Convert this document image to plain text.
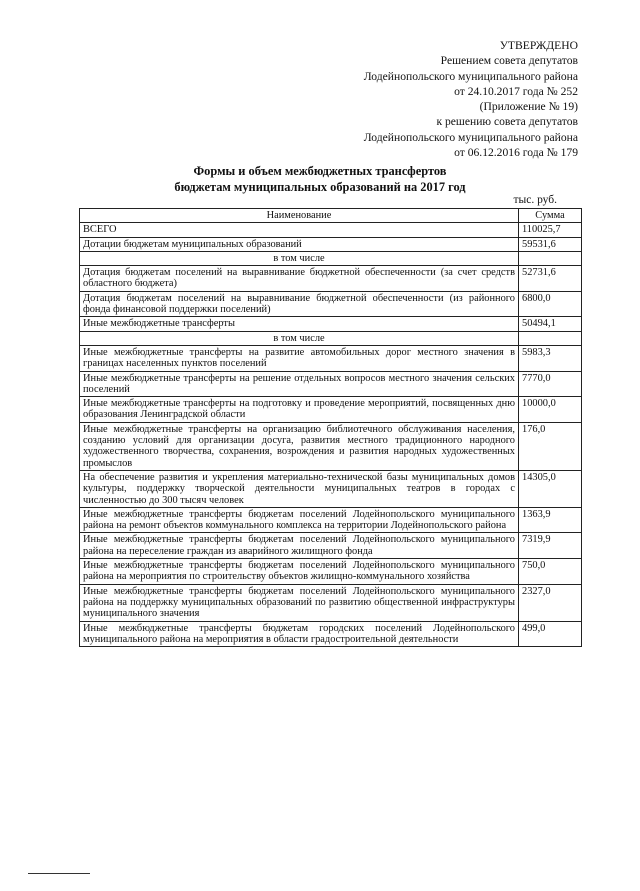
УТВЕРЖДЕНО
Решением совета депутатов
Лодейнопольского муниципального района
от 24.10.2017 года № 252
(Приложение № 19)
к решению совета депутатов
Лодейнопольского муниципального района
от 06.12.2016 года № 179
Формы и объем межбюджетных трансфертов
бюджетам муниципальных образований на 2017 год
тыс. руб.
Наименование	Сумма
ВСЕГО	110025,7
Дотации бюджетам муниципальных образований	59531,6
в том числе	
Дотация бюджетам поселений на выравнивание бюджетной обеспеченности (за счет средств областного бюджета)	52731,6
Дотация бюджетам поселений на выравнивание бюджетной обеспеченности (из районного фонда финансовой поддержки поселений)	6800,0
Иные межбюджетные трансферты	50494,1
в том числе	
Иные межбюджетные трансферты на развитие автомобильных дорог местного значения в границах населенных пунктов поселений	5983,3
Иные межбюджетные трансферты на решение отдельных вопросов местного значения сельских поселений	7770,0
Иные межбюджетные трансферты на подготовку и проведение мероприятий, посвященных дню образования Ленинградской области	10000,0
Иные межбюджетные трансферты на организацию библиотечного обслуживания населения, созданию условий для организации досуга, развития местного традиционного народного художественного творчества, сохранения, возрождения и развития народных художественных промыслов	176,0
На обеспечение развития и укрепления материально-технической базы муниципальных домов культуры, поддержку творческой деятельности муниципальных театров в городах с численностью до 300 тысяч человек	14305,0
Иные межбюджетные трансферты бюджетам поселений Лодейнопольского муниципального района на ремонт объектов коммунального комплекса на территории Лодейнопольского района	1363,9
Иные межбюджетные трансферты бюджетам поселений Лодейнопольского муниципального района на переселение граждан из аварийного жилищного фонда	7319,9
Иные межбюджетные трансферты бюджетам поселений Лодейнопольского муниципального района на мероприятия по строительству объектов жилищно-коммунального хозяйства	750,0
Иные межбюджетные трансферты бюджетам поселений Лодейнопольского муниципального района на поддержку муниципальных образований по развитию общественной инфраструктуры муниципального значения	2327,0
Иные межбюджетные трансферты бюджетам городских поселений Лодейнопольского муниципального района на мероприятия в области градостроительной деятельности	499,0
